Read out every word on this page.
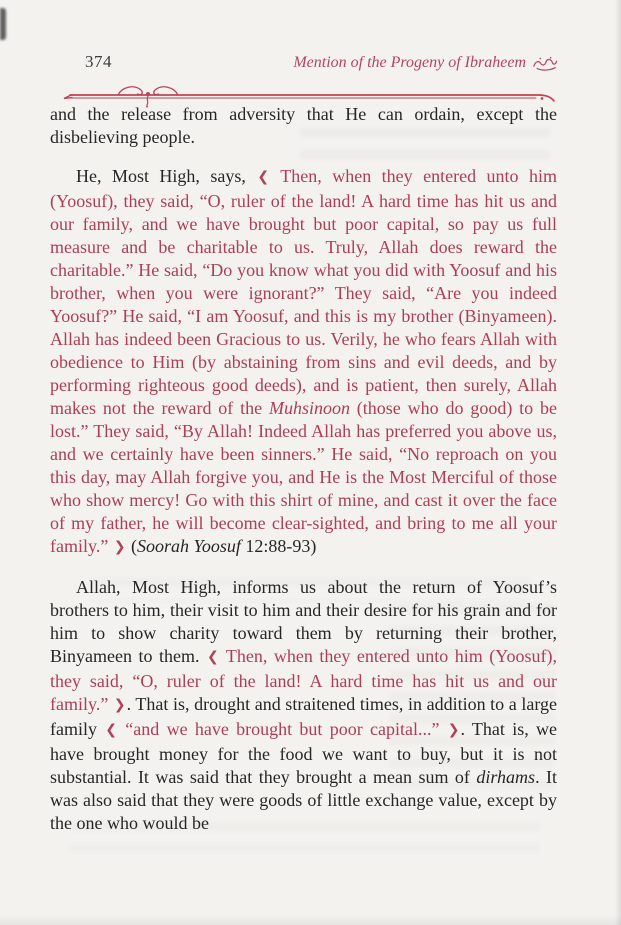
374	Mention of the Progeny of Ibraheem

and the release from adversity that He can ordain, except the disbelieving people.

He, Most High, says, ❮ Then, when they entered unto him (Yoosuf), they said, “O, ruler of the land! A hard time has hit us and our family, and we have brought but poor capital, so pay us full measure and be charitable to us. Truly, Allah does reward the charitable.” He said, “Do you know what you did with Yoosuf and his brother, when you were ignorant?” They said, “Are you indeed Yoosuf?” He said, “I am Yoosuf, and this is my brother (Binyameen). Allah has indeed been Gracious to us. Verily, he who fears Allah with obedience to Him (by abstaining from sins and evil deeds, and by performing righteous good deeds), and is patient, then surely, Allah makes not the reward of the Muhsinoon (those who do good) to be lost.” They said, “By Allah! Indeed Allah has preferred you above us, and we certainly have been sinners.” He said, “No reproach on you this day, may Allah forgive you, and He is the Most Merciful of those who show mercy! Go with this shirt of mine, and cast it over the face of my father, he will become clear-sighted, and bring to me all your family.” ❯ (Soorah Yoosuf 12:88-93)

Allah, Most High, informs us about the return of Yoosuf’s brothers to him, their visit to him and their desire for his grain and for him to show charity toward them by returning their brother, Binyameen to them. ❮ Then, when they entered unto him (Yoosuf), they said, “O, ruler of the land! A hard time has hit us and our family.” ❯. That is, drought and straitened times, in addition to a large family ❮ “and we have brought but poor capital...” ❯. That is, we have brought money for the food we want to buy, but it is not substantial. It was said that they brought a mean sum of dirhams. It was also said that they were goods of little exchange value, except by the one who would be
